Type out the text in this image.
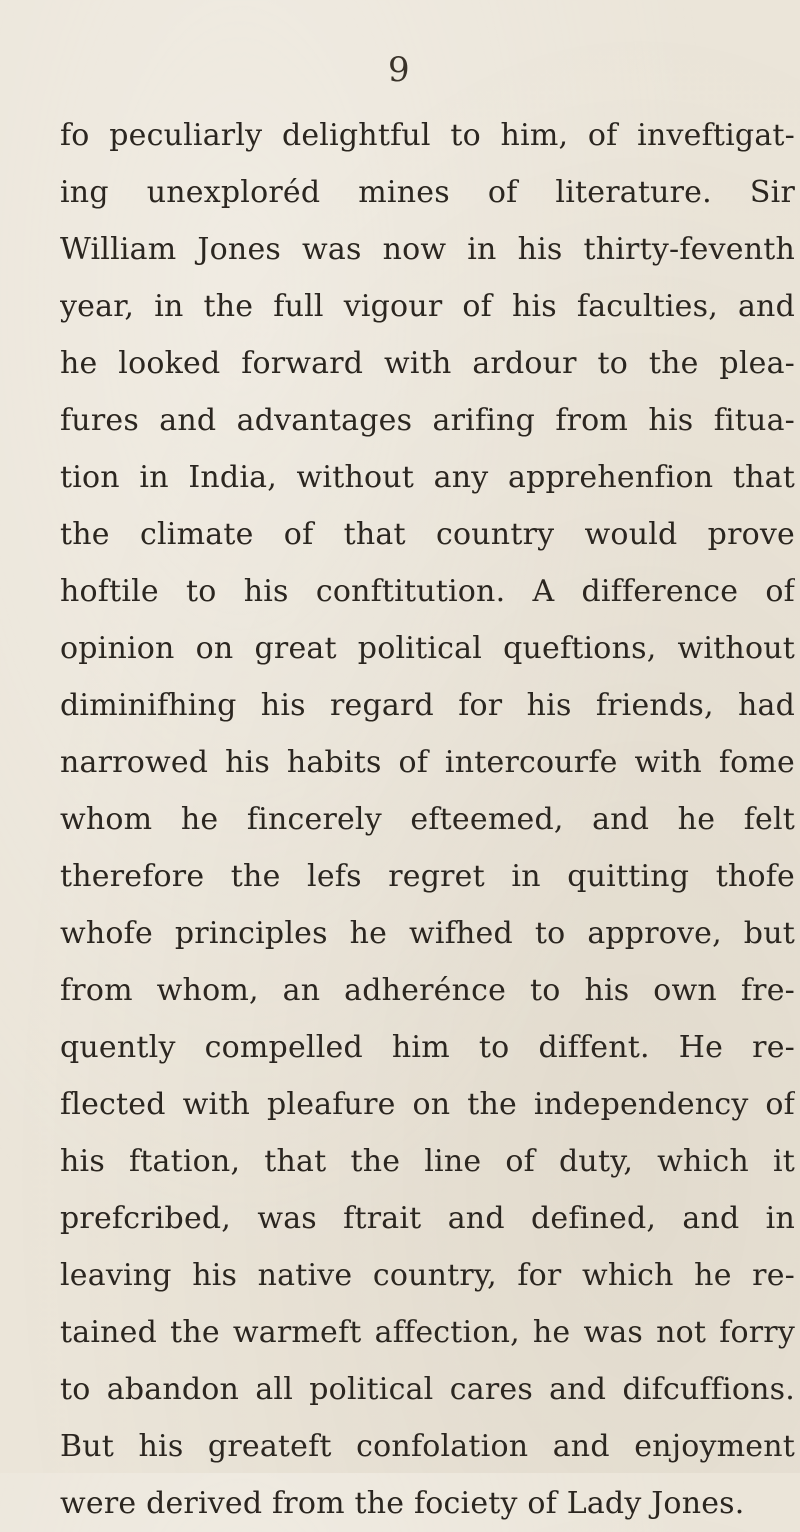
9
fo peculiarly delightful to him, of inveftigat-
ing unexploréd mines of literature. Sir
William Jones was now in his thirty-feventh
year, in the full vigour of his faculties, and
he looked forward with ardour to the plea-
fures and advantages arifing from his fitua-
tion in India, without any apprehenfion that
the climate of that country would prove
hoftile to his conftitution. A difference of
opinion on great political queftions, without
diminifhing his regard for his friends, had
narrowed his habits of intercourfe with fome
whom he fincerely efteemed, and he felt
therefore the lefs regret in quitting thofe
whofe principles he wifhed to approve, but
from whom, an adherénce to his own fre-
quently compelled him to diffent. He re-
flected with pleafure on the independency of
his ftation, that the line of duty, which it
prefcribed, was ftrait and defined, and in
leaving his native country, for which he re-
tained the warmeft affection, he was not forry
to abandon all political cares and difcuffions.
But his greateft confolation and enjoyment
were derived from the fociety of Lady Jones.
